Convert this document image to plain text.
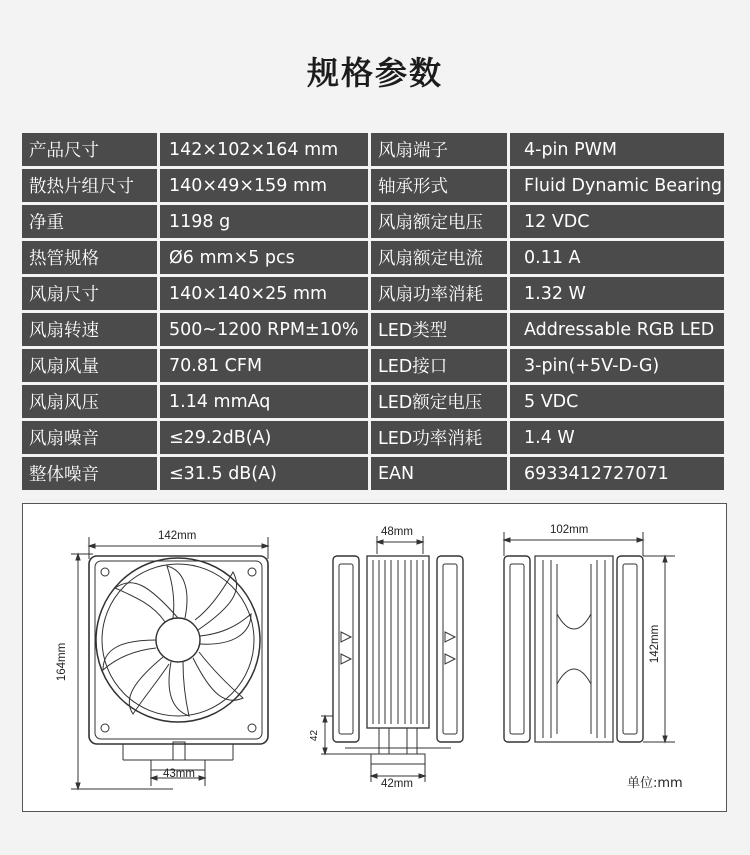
规格参数
产品尺寸	142×102×164 mm	风扇端子	4-pin PWM
散热片组尺寸	140×49×159 mm	轴承形式	Fluid Dynamic Bearing
净重	1198 g	风扇额定电压	12 VDC
热管规格	Ø6 mm×5 pcs	风扇额定电流	0.11 A
风扇尺寸	140×140×25 mm	风扇功率消耗	1.32 W
风扇转速	500~1200 RPM±10%	LED类型	Addressable RGB LED
风扇风量	70.81 CFM	LED接口	3-pin(+5V-D-G)
风扇风压	1.14 mmAq	LED额定电压	5 VDC
风扇噪音	≤29.2dB(A)	LED功率消耗	1.4 W
整体噪音	≤31.5 dB(A)	EAN	6933412727071
142mm
164mm
43mm
48mm
42
42mm
102mm
142mm
单位:mm
